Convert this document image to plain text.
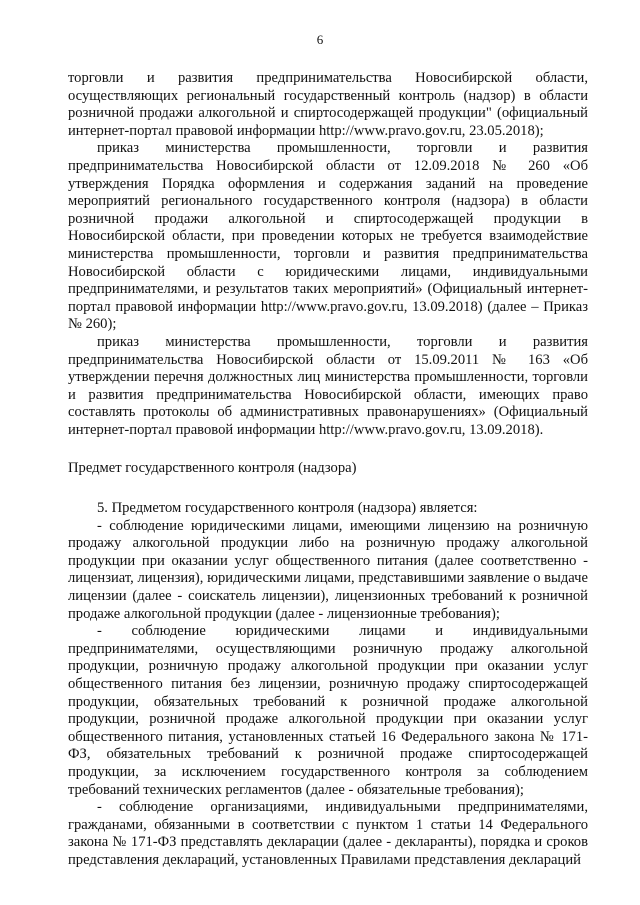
6

торговли и развития предпринимательства Новосибирской области, осуществляющих региональный государственный контроль (надзор) в области розничной продажи алкогольной и спиртосодержащей продукции" (официальный интернет-портал правовой информации http://www.pravo.gov.ru, 23.05.2018);

приказ министерства промышленности, торговли и развития предпринимательства Новосибирской области от 12.09.2018 № 260 «Об утверждения Порядка оформления и содержания заданий на проведение мероприятий регионального государственного контроля (надзора) в области розничной продажи алкогольной и спиртосодержащей продукции в Новосибирской области, при проведении которых не требуется взаимодействие министерства промышленности, торговли и развития предпринимательства Новосибирской области с юридическими лицами, индивидуальными предпринимателями, и результатов таких мероприятий» (Официальный интернет-портал правовой информации http://www.pravo.gov.ru, 13.09.2018) (далее – Приказ № 260);

приказ министерства промышленности, торговли и развития предпринимательства Новосибирской области от 15.09.2011 № 163 «Об утверждении перечня должностных лиц министерства промышленности, торговли и развития предпринимательства Новосибирской области, имеющих право составлять протоколы об административных правонарушениях» (Официальный интернет-портал правовой информации http://www.pravo.gov.ru, 13.09.2018).

Предмет государственного контроля (надзора)

5. Предметом государственного контроля (надзора) является:

- соблюдение юридическими лицами, имеющими лицензию на розничную продажу алкогольной продукции либо на розничную продажу алкогольной продукции при оказании услуг общественного питания (далее соответственно - лицензиат, лицензия), юридическими лицами, представившими заявление о выдаче лицензии (далее - соискатель лицензии), лицензионных требований к розничной продаже алкогольной продукции (далее - лицензионные требования);

- соблюдение юридическими лицами и индивидуальными предпринимателями, осуществляющими розничную продажу алкогольной продукции, розничную продажу алкогольной продукции при оказании услуг общественного питания без лицензии, розничную продажу спиртосодержащей продукции, обязательных требований к розничной продаже алкогольной продукции, розничной продаже алкогольной продукции при оказании услуг общественного питания, установленных статьей 16 Федерального закона № 171-ФЗ, обязательных требований к розничной продаже спиртосодержащей продукции, за исключением государственного контроля за соблюдением требований технических регламентов (далее - обязательные требования);

- соблюдение организациями, индивидуальными предпринимателями, гражданами, обязанными в соответствии с пунктом 1 статьи 14 Федерального закона № 171-ФЗ представлять декларации (далее - декларанты), порядка и сроков представления деклараций, установленных Правилами представления деклараций
